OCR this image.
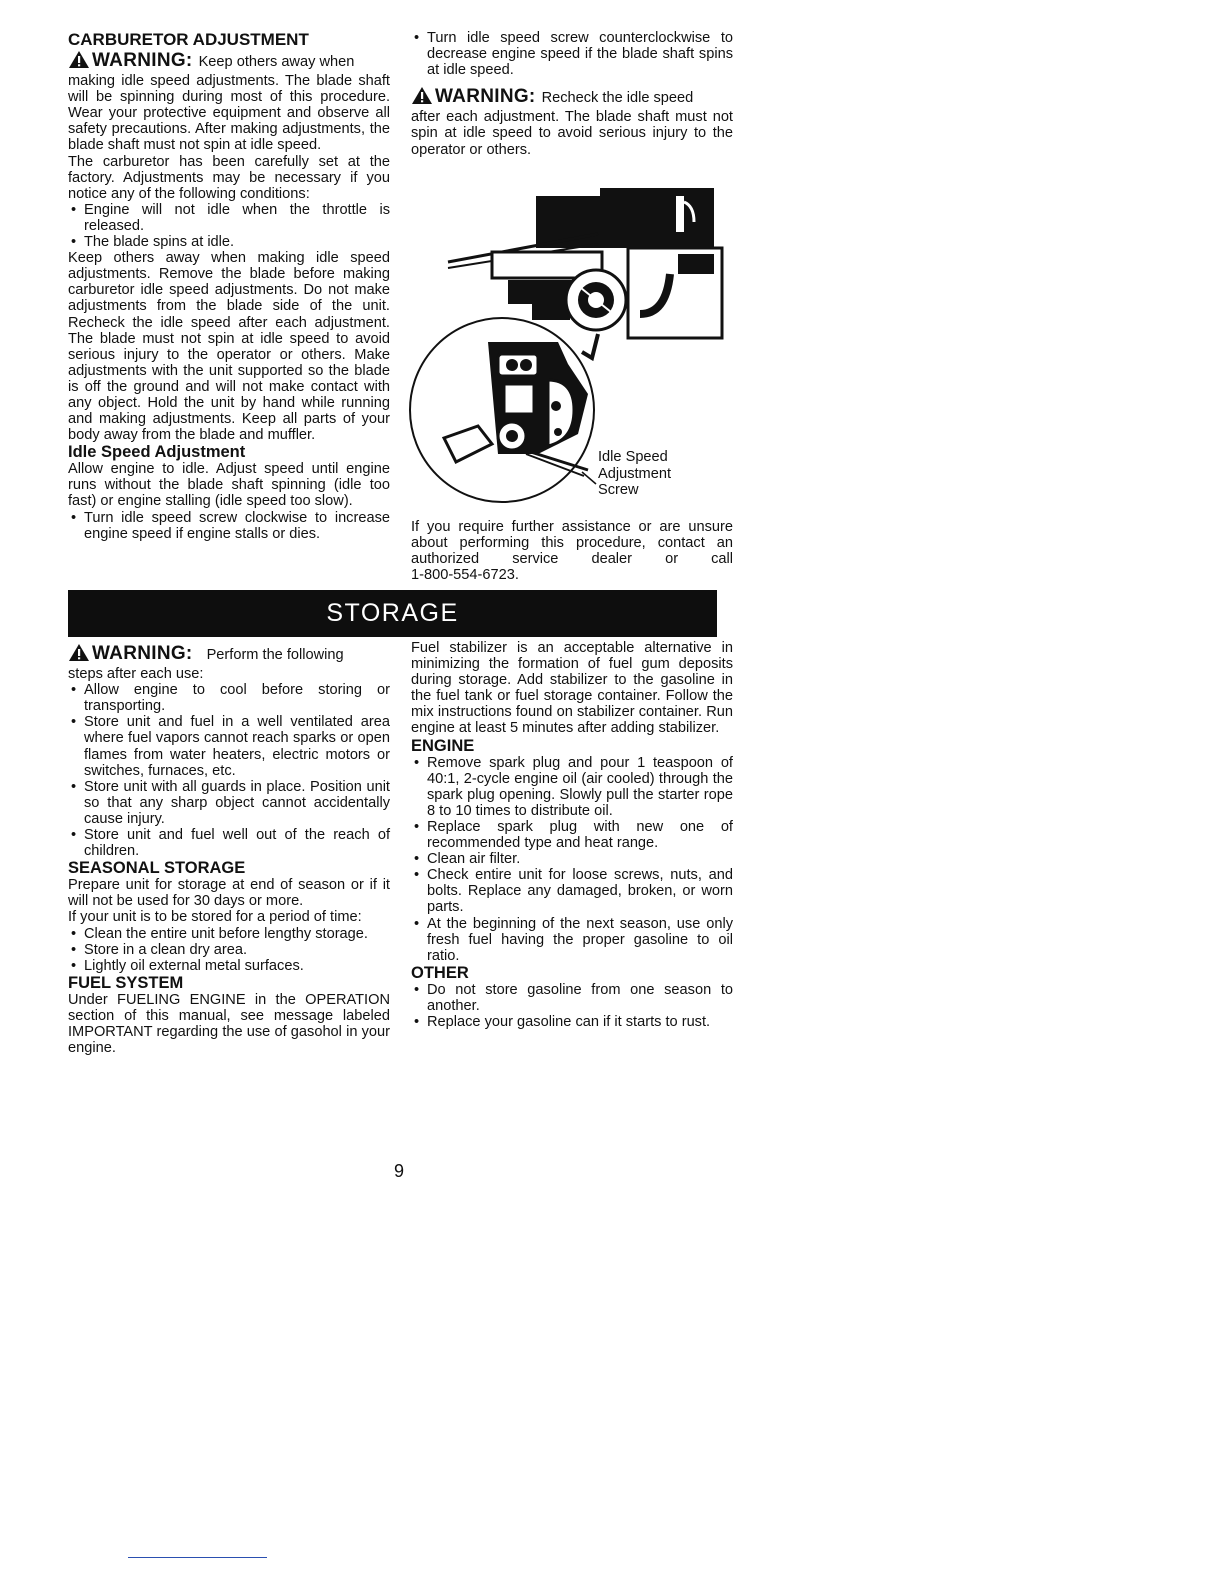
CARBURETOR ADJUSTMENT

WARNING: Keep others away when

making idle speed adjustments. The blade shaft will be spinning during most of this procedure. Wear your protective equipment and observe all safety precautions. After making adjustments, the blade shaft must not spin at idle speed.

The carburetor has been carefully set at the factory. Adjustments may be necessary if you notice any of the following conditions:

• Engine will not idle when the throttle is released.
• The blade spins at idle.

Keep others away when making idle speed adjustments. Remove the blade before making carburetor idle speed adjustments. Do not make adjustments from the blade side of the unit. Recheck the idle speed after each adjustment. The blade must not spin at idle speed to avoid serious injury to the operator or others. Make adjustments with the unit supported so the blade is off the ground and will not make contact with any object. Hold the unit by hand while running and making adjustments. Keep all parts of your body away from the blade and muffler.

Idle Speed Adjustment

Allow engine to idle. Adjust speed until engine runs without the blade shaft spinning (idle too fast) or engine stalling (idle speed too slow).

• Turn idle speed screw clockwise to increase engine speed if engine stalls or dies.
• Turn idle speed screw counterclockwise to decrease engine speed if the blade shaft spins at idle speed.

WARNING: Recheck the idle speed

after each adjustment. The blade shaft must not spin at idle speed to avoid serious injury to the operator or others.

Idle Speed
Adjustment
Screw

If you require further assistance or are unsure about performing this procedure, contact an authorized service dealer or call

1-800-554-6723.

STORAGE

WARNING: Perform the following

steps after each use:

• Allow engine to cool before storing or transporting.
• Store unit and fuel in a well ventilated area where fuel vapors cannot reach sparks or open flames from water heaters, electric motors or switches, furnaces, etc.
• Store unit with all guards in place. Position unit so that any sharp object cannot accidentally cause injury.
• Store unit and fuel well out of the reach of children.

SEASONAL STORAGE

Prepare unit for storage at end of season or if it will not be used for 30 days or more.

If your unit is to be stored for a period of time:

• Clean the entire unit before lengthy storage.
• Store in a clean dry area.
• Lightly oil external metal surfaces.

FUEL SYSTEM

Under FUELING ENGINE in the OPERATION section of this manual, see message labeled IMPORTANT regarding the use of gasohol in your engine.

Fuel stabilizer is an acceptable alternative in minimizing the formation of fuel gum deposits during storage. Add stabilizer to the gasoline in the fuel tank or fuel storage container. Follow the mix instructions found on stabilizer container. Run engine at least 5 minutes after adding stabilizer.

ENGINE

• Remove spark plug and pour 1 teaspoon of 40:1, 2-cycle engine oil (air cooled) through the spark plug opening. Slowly pull the starter rope 8 to 10 times to distribute oil.
• Replace spark plug with new one of recommended type and heat range.
• Clean air filter.
• Check entire unit for loose screws, nuts, and bolts. Replace any damaged, broken, or worn parts.
• At the beginning of the next season, use only fresh fuel having the proper gasoline to oil ratio.

OTHER

• Do not store gasoline from one season to another.
• Replace your gasoline can if it starts to rust.
9
